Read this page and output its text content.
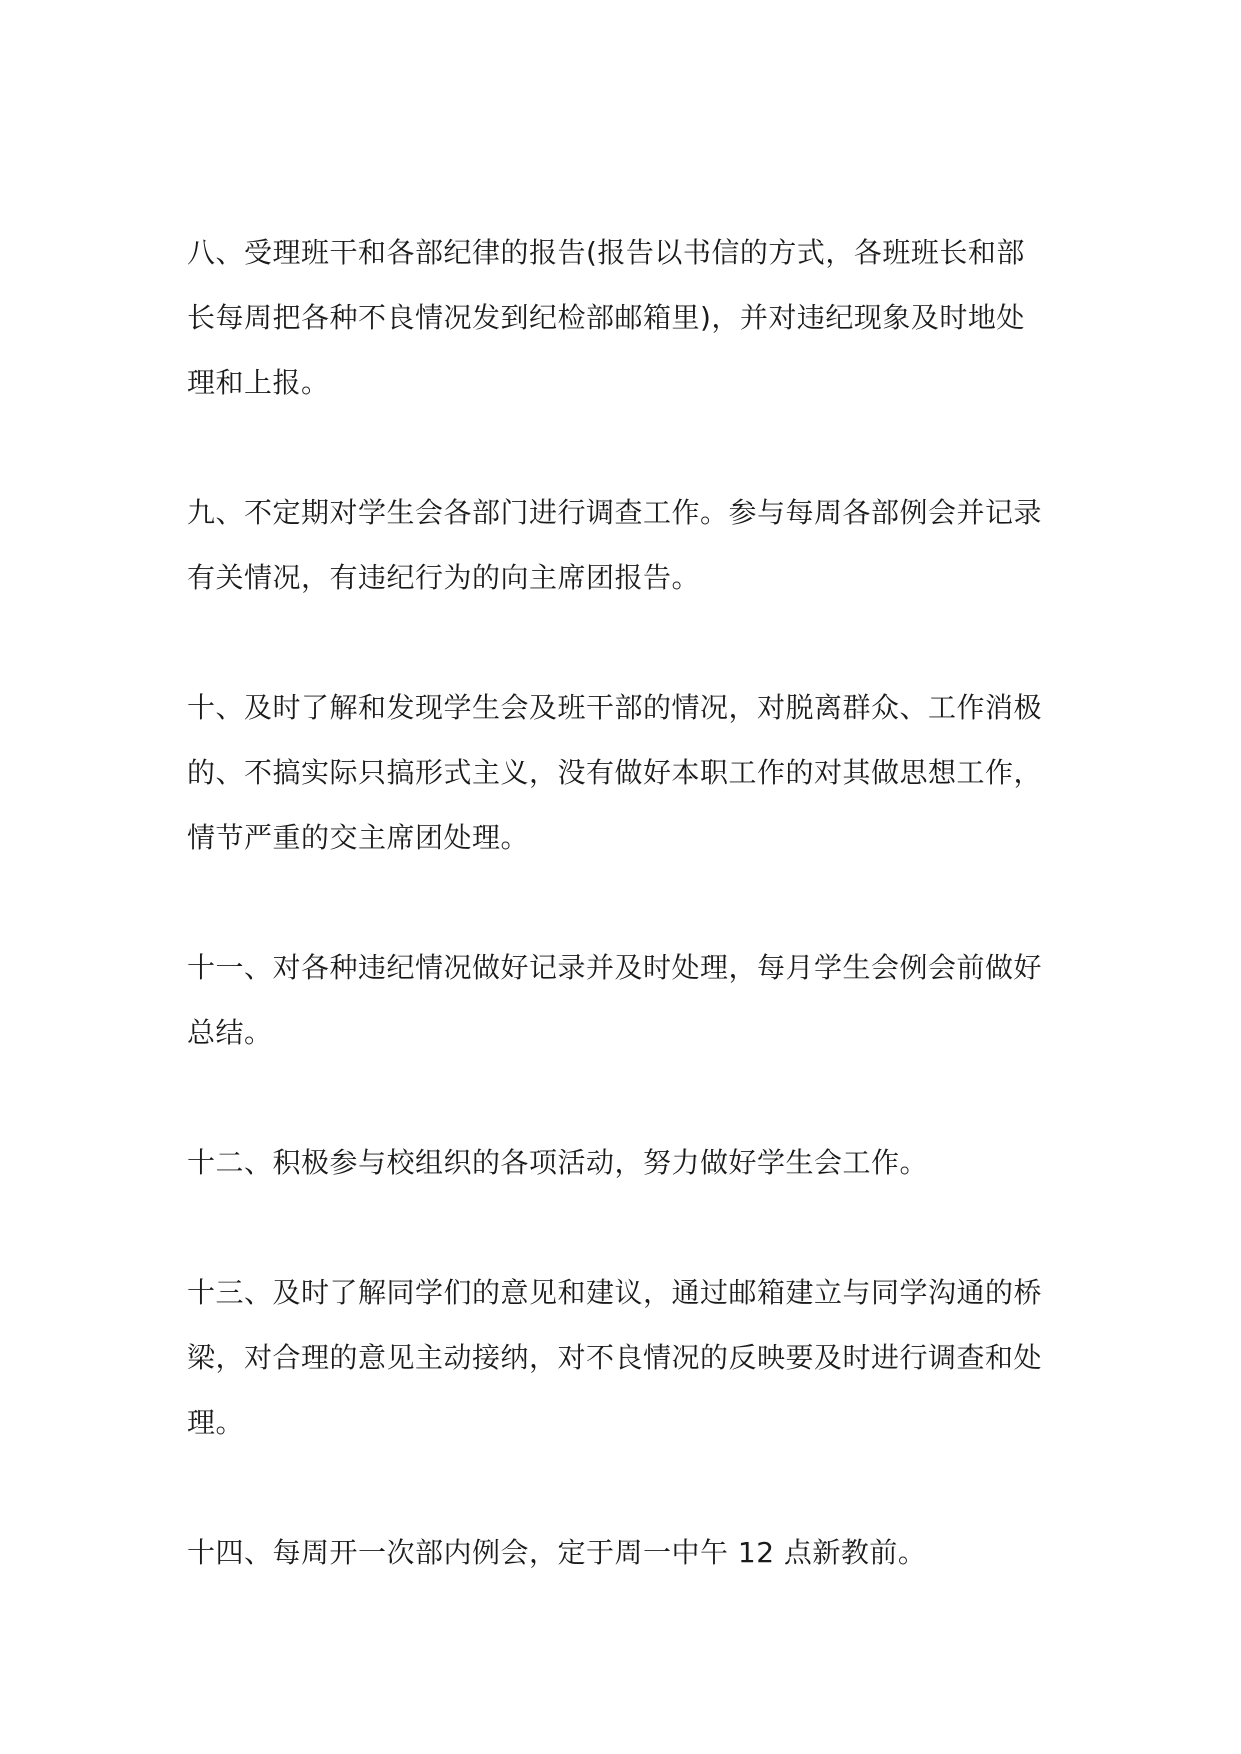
八、受理班干和各部纪律的报告(报告以书信的方式，各班班长和部
长每周把各种不良情况发到纪检部邮箱里)，并对违纪现象及时地处
理和上报。

九、不定期对学生会各部门进行调查工作。参与每周各部例会并记录
有关情况，有违纪行为的向主席团报告。

十、及时了解和发现学生会及班干部的情况，对脱离群众、工作消极
的、不搞实际只搞形式主义，没有做好本职工作的对其做思想工作，
情节严重的交主席团处理。

十一、对各种违纪情况做好记录并及时处理，每月学生会例会前做好
总结。

十二、积极参与校组织的各项活动，努力做好学生会工作。

十三、及时了解同学们的意见和建议，通过邮箱建立与同学沟通的桥
梁，对合理的意见主动接纳，对不良情况的反映要及时进行调查和处
理。

十四、每周开一次部内例会，定于周一中午 12 点新教前。
